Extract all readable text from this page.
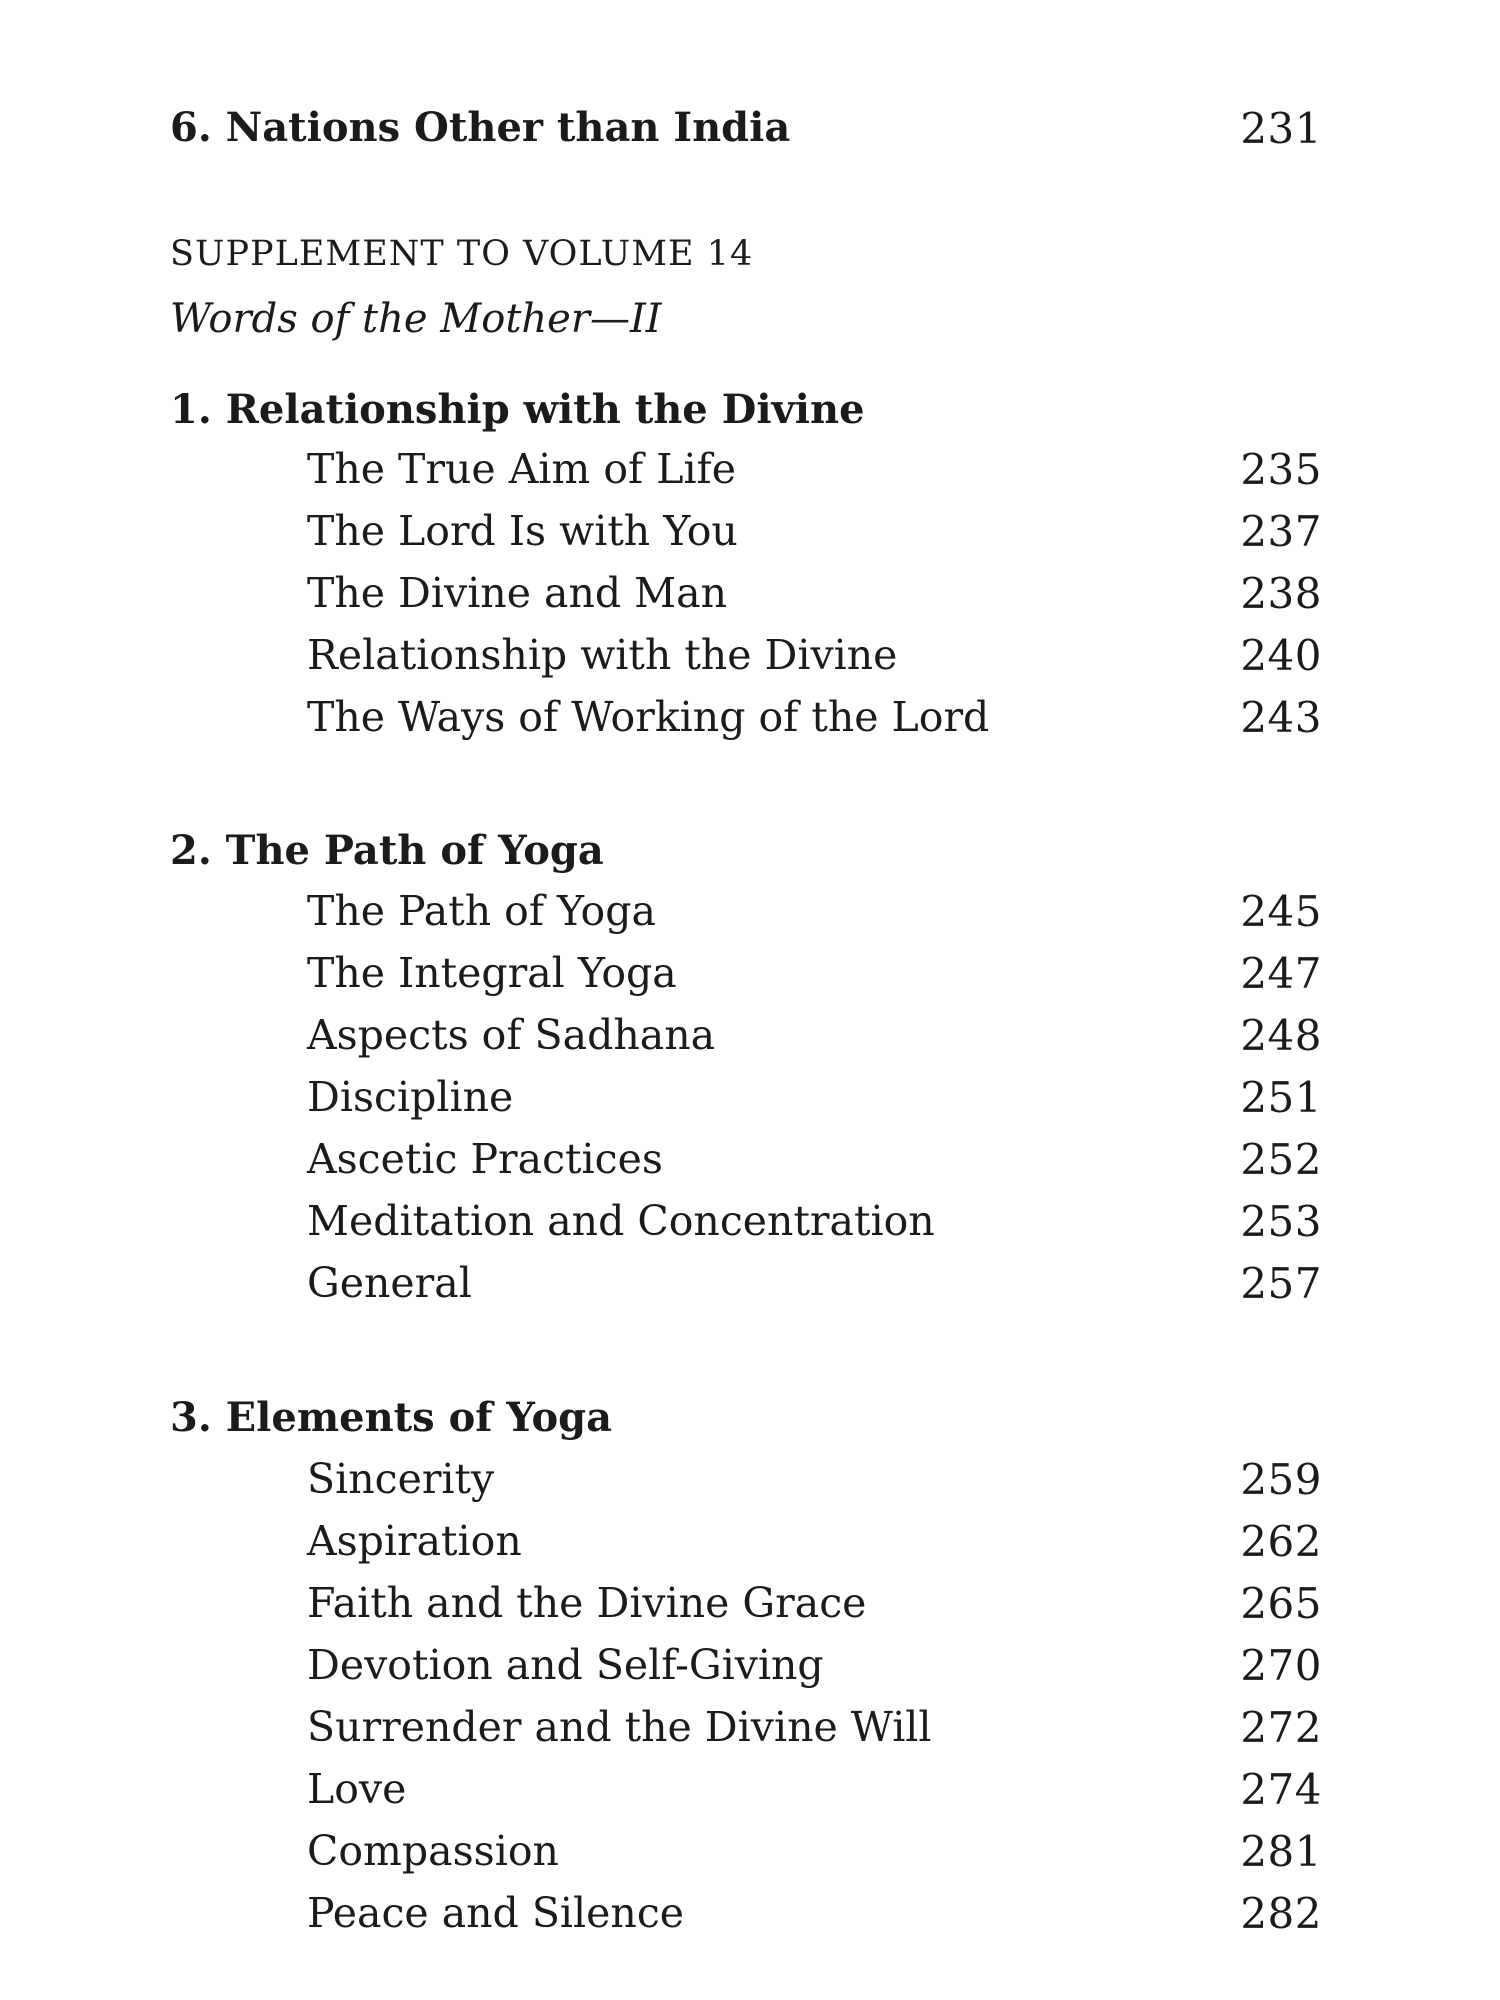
6. Nations Other than India	231
SUPPLEMENT TO VOLUME 14
Words of the Mother—II
1. Relationship with the Divine
The True Aim of Life	235
The Lord Is with You	237
The Divine and Man	238
Relationship with the Divine	240
The Ways of Working of the Lord	243
2. The Path of Yoga
The Path of Yoga	245
The Integral Yoga	247
Aspects of Sadhana	248
Discipline	251
Ascetic Practices	252
Meditation and Concentration	253
General	257
3. Elements of Yoga
Sincerity	259
Aspiration	262
Faith and the Divine Grace	265
Devotion and Self-Giving	270
Surrender and the Divine Will	272
Love	274
Compassion	281
Peace and Silence	282
